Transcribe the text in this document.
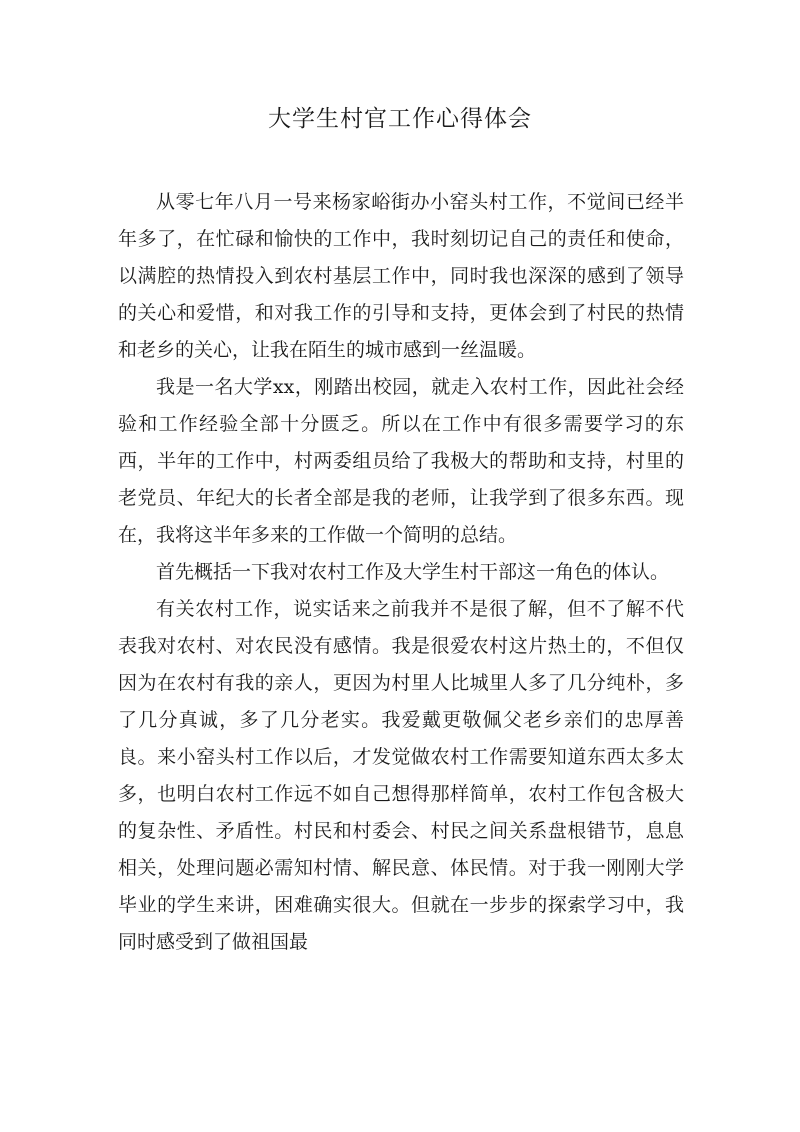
大学生村官工作心得体会

从零七年八月一号来杨家峪街办小窑头村工作，不觉间已经半年多了，在忙碌和愉快的工作中，我时刻切记自己的责任和使命，以满腔的热情投入到农村基层工作中，同时我也深深的感到了领导的关心和爱惜，和对我工作的引导和支持，更体会到了村民的热情和老乡的关心，让我在陌生的城市感到一丝温暖。

我是一名大学xx，刚踏出校园，就走入农村工作，因此社会经验和工作经验全部十分匮乏。所以在工作中有很多需要学习的东西，半年的工作中，村两委组员给了我极大的帮助和支持，村里的老党员、年纪大的长者全部是我的老师，让我学到了很多东西。现在，我将这半年多来的工作做一个简明的总结。

首先概括一下我对农村工作及大学生村干部这一角色的体认。

有关农村工作，说实话来之前我并不是很了解，但不了解不代表我对农村、对农民没有感情。我是很爱农村这片热土的，不但仅因为在农村有我的亲人，更因为村里人比城里人多了几分纯朴，多了几分真诚，多了几分老实。我爱戴更敬佩父老乡亲们的忠厚善良。来小窑头村工作以后，才发觉做农村工作需要知道东西太多太多，也明白农村工作远不如自己想得那样简单，农村工作包含极大的复杂性、矛盾性。村民和村委会、村民之间关系盘根错节，息息相关，处理问题必需知村情、解民意、体民情。对于我一刚刚大学毕业的学生来讲，困难确实很大。但就在一步步的探索学习中，我同时感受到了做祖国最
